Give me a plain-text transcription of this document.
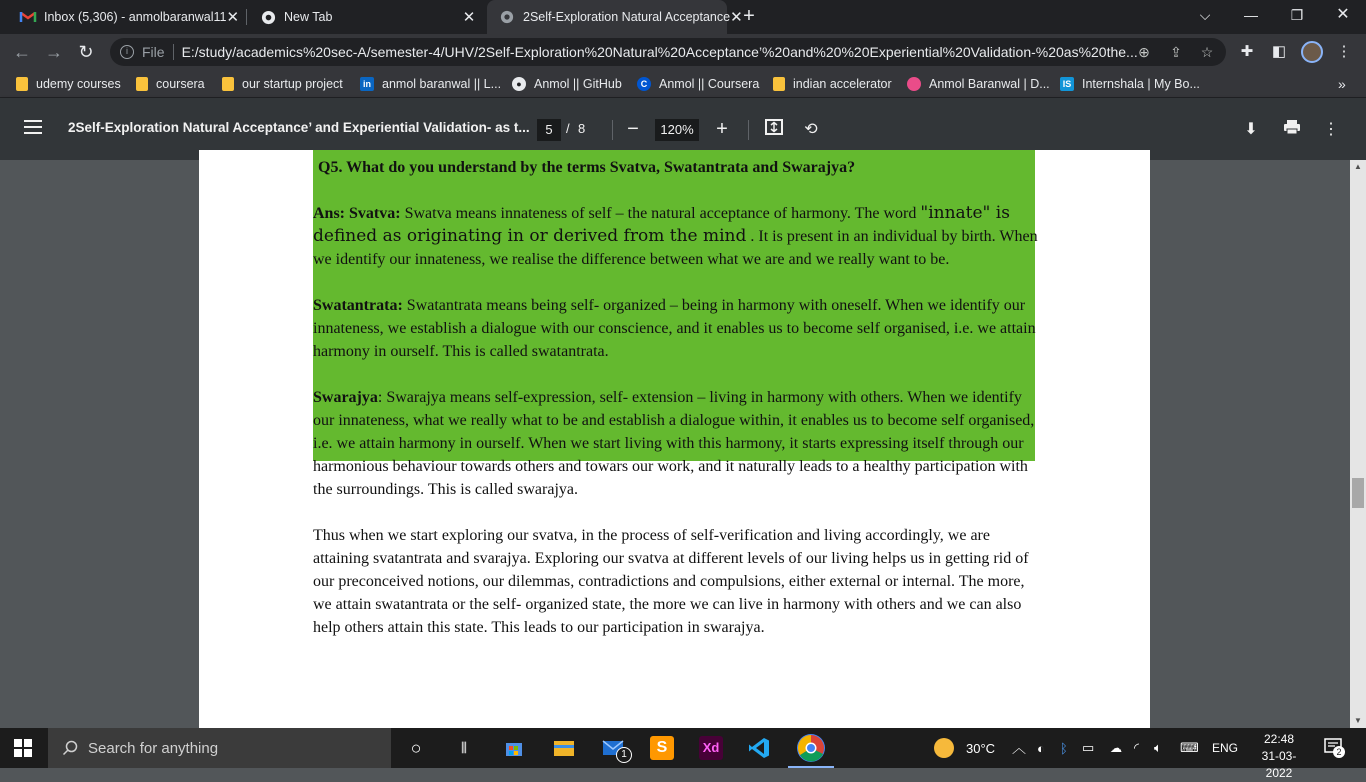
Inbox (5,306) - anmolbaranwal11 ✕	New Tab	✕	2Self-Exploration Natural Acceptance ✕ +	⌵	—	❐	✕
← → ↻	i	File E:/study/academics%20sec-A/semester-4/UHV/2Self-Exploration%20Natural%20Acceptance’%20and%20%20Experiential%20Validation-%20as%20the... ⊕ ⇪ ☆ ✚ ◧	⋮
udemy courses	coursera	our startup project	in anmol baranwal || L...	● Anmol || GitHub	C Anmol || Coursera	indian accelerator	Anmol Baranwal | D...	IS Internshala | My Bo...	»
2Self-Exploration Natural Acceptance’ and Experiential Validation- as t...	5	/ 8 −	120% +	⟲	⬇	⋮

Q5. What do you understand by the terms Svatva, Swatantrata and Swarajya?

Ans: Svatva: Swatva means innateness of self – the natural acceptance of harmony. The word "innate" is defined as originating in or derived from the mind . It is present in an individual by birth. When we identify our innateness, we realise the difference between what we are and we really want to be.

Swatantrata: Swatantrata means being self- organized – being in harmony with oneself. When we identify our innateness, we establish a dialogue with our conscience, and it enables us to become self organised, i.e. we attain harmony in ourself. This is called swatantrata.

Swarajya: Swarajya means self-expression, self- extension – living in harmony with others. When we identify our innateness, what we really what to be and establish a dialogue within, it enables us to become self organised, i.e. we attain harmony in ourself. When we start living with this harmony, it starts expressing itself through our harmonious behaviour towards others and towars our work, and it naturally leads to a healthy participation with the surroundings. This is called swarajya.

Thus when we start exploring our svatva, in the process of self-verification and living accordingly, we are attaining svatantrata and svarajya. Exploring our svatva at different levels of our living helps us in getting rid of our preconceived notions, our dilemmas, contradictions and compulsions, either external or internal. The more, we attain swatantrata or the self- organized state, the more we can live in harmony with others and we can also help others attain this state. This leads to our participation in swarajya.

▲
▼
Search for anything	○	⫼	1	S	Xd	30°C ︿ ◐ ᛒ ▭ ☁ ◜ 🔈︎ ⌨ ENG
22:48
31-03-2022
2
